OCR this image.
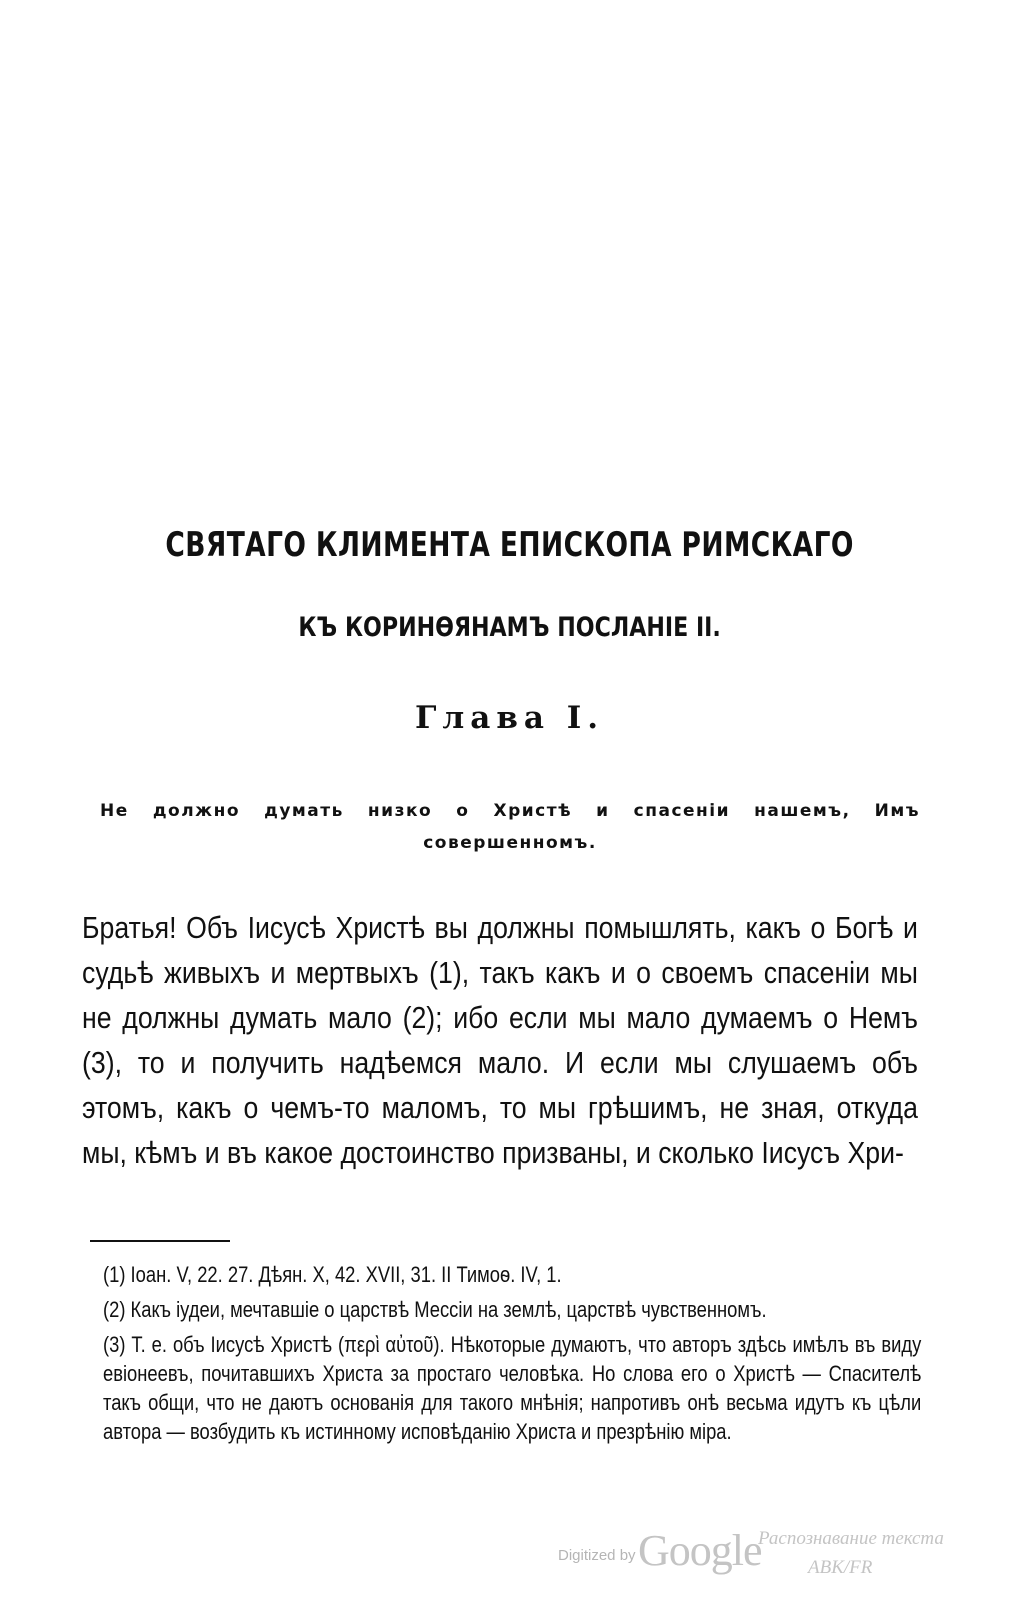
СВЯТАГО КЛИМЕНТА ЕПИСКОПА РИМСКАГО
КЪ КОРИНѲЯНАМЪ ПОСЛАНІЕ II.
Глава I.

Не должно думать низко о Христѣ и спасеніи нашемъ, Имъ совершенномъ.

Братья! Объ Іисусѣ Христѣ вы должны помышлять, какъ о Богѣ и судьѣ живыхъ и мертвыхъ (1), такъ какъ и о своемъ спасеніи мы не должны думать мало (2); ибо если мы мало думаемъ о Немъ (3), то и получить надѣемся мало. И если мы слушаемъ объ этомъ, какъ о чемъ-то маломъ, то мы грѣшимъ, не зная, откуда мы, кѣмъ и въ какое достоинство призваны, и сколько Іисусъ Хри-

(1) Іоан. V, 22. 27. Дѣян. X, 42. XVII, 31. II Тимоѳ. IV, 1.

(2) Какъ іудеи, мечтавшіе о царствѣ Мессіи на землѣ, царствѣ чувственномъ.

(3) Т. е. объ Іисусѣ Христѣ (περὶ αὐτοῦ). Нѣкоторые думаютъ, что авторъ здѣсь имѣлъ въ виду евіонеевъ, почитавшихъ Христа за простаго человѣка. Но слова его о Христѣ — Спасителѣ такъ общи, что не даютъ основанія для такого мнѣнія; напротивъ онѣ весьма идутъ къ цѣли автора — возбудить къ истинному исповѣданію Христа и презрѣнію міра.

Digitized by Google
Распознавание текста
АВК/FR
